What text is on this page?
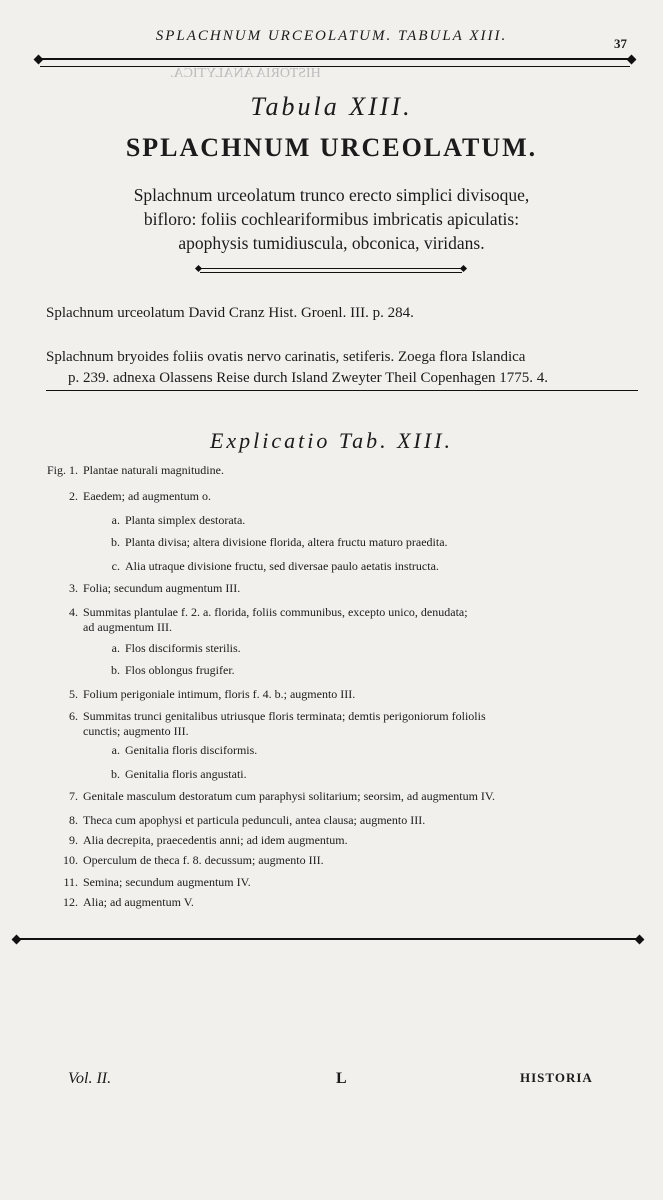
HISTORIA ANALYTICA.
SPLACHNUM URCEOLATUM. TABULA XIII.	37
Tabula XIII.
SPLACHNUM URCEOLATUM.

Splachnum urceolatum trunco erecto simplici divisoque,

bifloro: foliis cochleariformibus imbricatis apiculatis:

apophysis tumidiuscula, obconica, viridans.

Splachnum urceolatum David Cranz Hist. Groenl. III. p. 284.

Splachnum bryoides foliis ovatis nervo carinatis, setiferis. Zoega flora Islandica

p. 239. adnexa Olassens Reise durch Island Zweyter Theil Copenhagen 1775. 4.

Explicatio Tab. XIII.
Fig. 1. Plantae naturali magnitudine.
2. Eaedem; ad augmentum o.
a. Planta simplex destorata.
b. Planta divisa; altera divisione florida, altera fructu maturo praedita.
c. Alia utraque divisione fructu, sed diversae paulo aetatis instructa.
3. Folia; secundum augmentum III.
4. Summitas plantulae f. 2. a. florida, foliis communibus, excepto unico, denudata;
ad augmentum III.
a. Flos disciformis sterilis.
b. Flos oblongus frugifer.
5. Folium perigoniale intimum, floris f. 4. b.; augmento III.
6. Summitas trunci genitalibus utriusque floris terminata; demtis perigoniorum foliolis
cunctis; augmento III.
a. Genitalia floris disciformis.
b. Genitalia floris angustati.
7. Genitale masculum destoratum cum paraphysi solitarium; seorsim, ad augmentum IV.
8. Theca cum apophysi et particula pedunculi, antea clausa; augmento III.
9. Alia decrepita, praecedentis anni; ad idem augmentum.
10. Operculum de theca f. 8. decussum; augmento III.
11. Semina; secundum augmentum IV.
12. Alia; ad augmentum V.
Vol. II.	L	HISTORIA
